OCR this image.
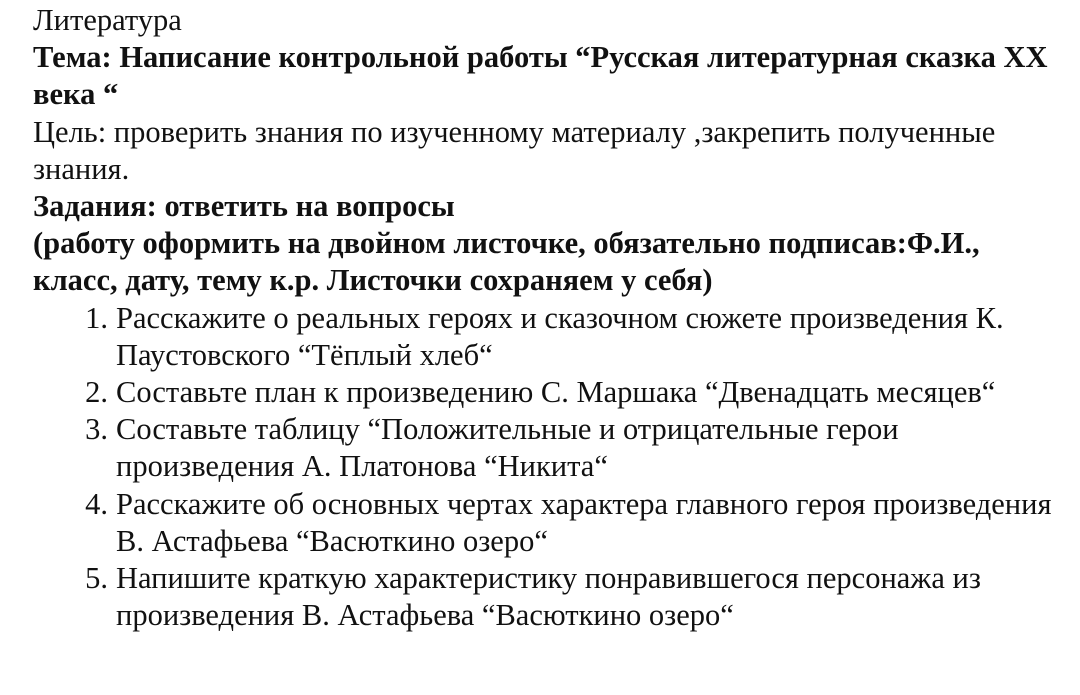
Литература

Тема: Написание контрольной работы “Русская литературная сказка XX века “

Цель: проверить знания по изученному материалу ,закрепить полученные знания.

Задания: ответить на вопросы

(работу оформить на двойном листочке, обязательно подписав:Ф.И., класс, дату, тему к.р. Листочки сохраняем у себя)

1. Расскажите о реальных героях и сказочном сюжете произведения К. Паустовского “Тёплый хлеб“
2. Составьте план к произведению С. Маршака “Двенадцать месяцев“
3. Составьте таблицу “Положительные и отрицательные герои произведения А. Платонова “Никита“
4. Расскажите об основных чертах характера главного героя произведения В. Астафьева “Васюткино озеро“
5. Напишите краткую характеристику понравившегося персонажа из произведения В. Астафьева “Васюткино озеро“
